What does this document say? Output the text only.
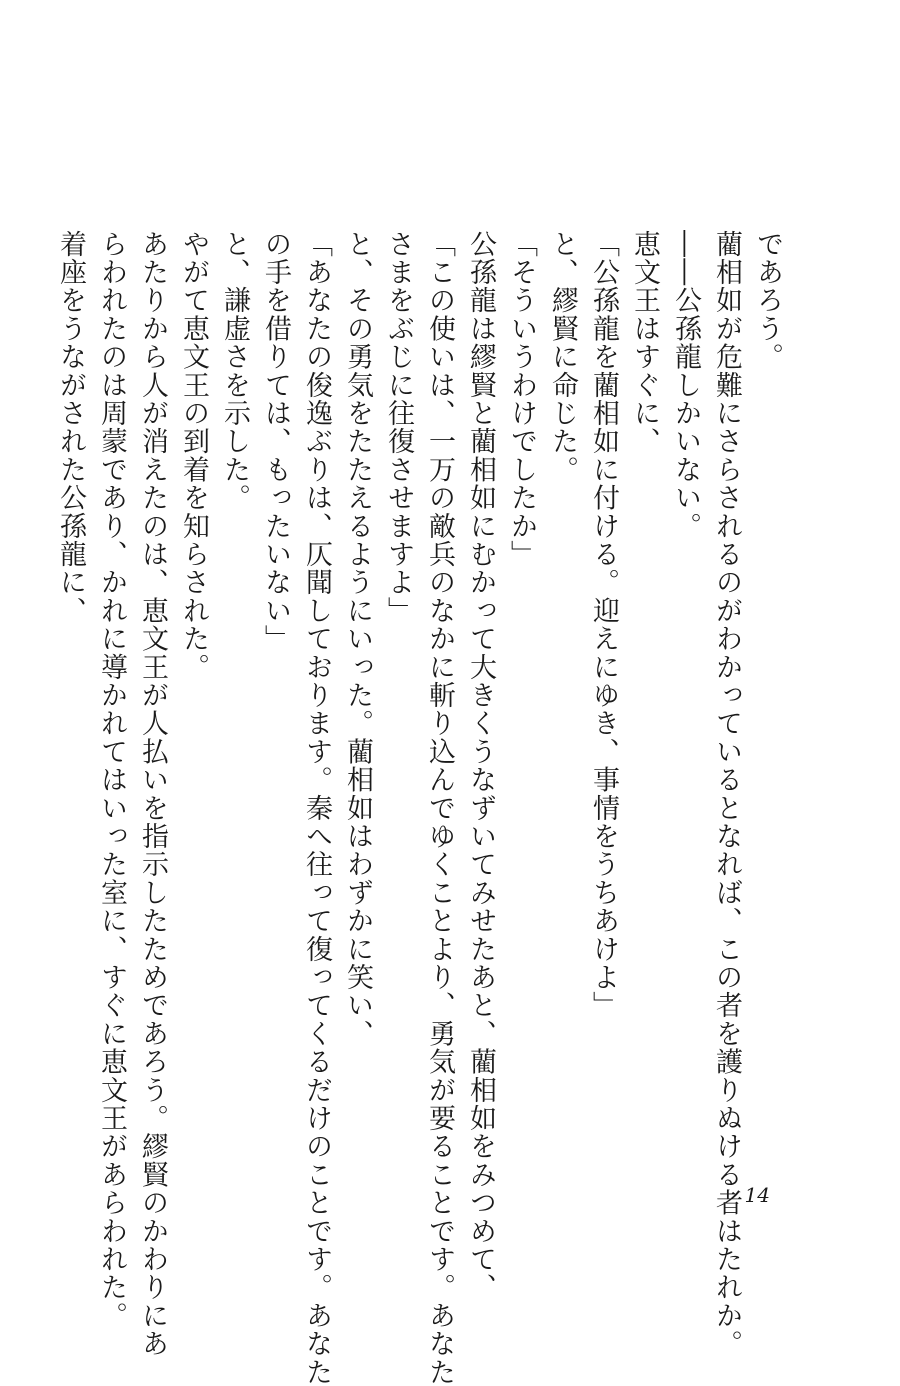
であろう。
藺相如が危難にさらされるのがわかっているとなれば、この者を護りぬける者はたれか。
――公孫龍しかいない。
恵文王はすぐに、
「公孫龍を藺相如に付ける。迎えにゆき、事情をうちあけよ」
と、繆賢に命じた。
「そういうわけでしたか」
公孫龍は繆賢と藺相如にむかって大きくうなずいてみせたあと、藺相如をみつめて、
「この使いは、一万の敵兵のなかに斬り込んでゆくことより、勇気が要ることです。あなた
さまをぶじに往復させますよ」
と、その勇気をたたえるようにいった。藺相如はわずかに笑い、
「あなたの俊逸ぶりは、仄聞しております。秦へ往って復ってくるだけのことです。あなた
の手を借りては、もったいない」
と、謙虚さを示した。
やがて恵文王の到着を知らされた。
あたりから人が消えたのは、恵文王が人払いを指示したためであろう。繆賢のかわりにあ
らわれたのは周蒙であり、かれに導かれてはいった室に、すぐに恵文王があらわれた。
着座をうながされた公孫龍に、
14
